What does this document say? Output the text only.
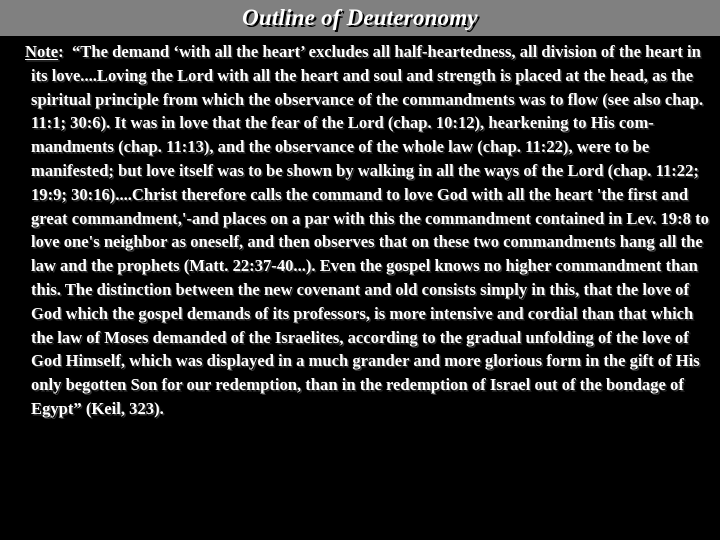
Outline of Deuteronomy

Note: “The demand ‘with all the heart’ excludes all half-heartedness, all division of the heart in its love....Loving the Lord with all the heart and soul and strength is placed at the head, as the spiritual principle from which the observance of the commandments was to flow (see also chap. 11:1; 30:6). It was in love that the fear of the Lord (chap. 10:12), hearkening to His com-mandments (chap. 11:13), and the observance of the whole law (chap. 11:22), were to be manifested; but love itself was to be shown by walking in all the ways of the Lord (chap. 11:22; 19:9; 30:16)....Christ therefore calls the command to love God with all the heart 'the first and great commandment,'-and places on a par with this the commandment contained in Lev. 19:8 to love one's neighbor as oneself, and then observes that on these two commandments hang all the law and the prophets (Matt. 22:37-40...). Even the gospel knows no higher commandment than this. The distinction between the new covenant and old consists simply in this, that the love of God which the gospel demands of its professors, is more intensive and cordial than that which the law of Moses demanded of the Israelites, according to the gradual unfolding of the love of God Himself, which was displayed in a much grander and more glorious form in the gift of His only begotten Son for our redemption, than in the redemption of Israel out of the bondage of Egypt” (Keil, 323).
